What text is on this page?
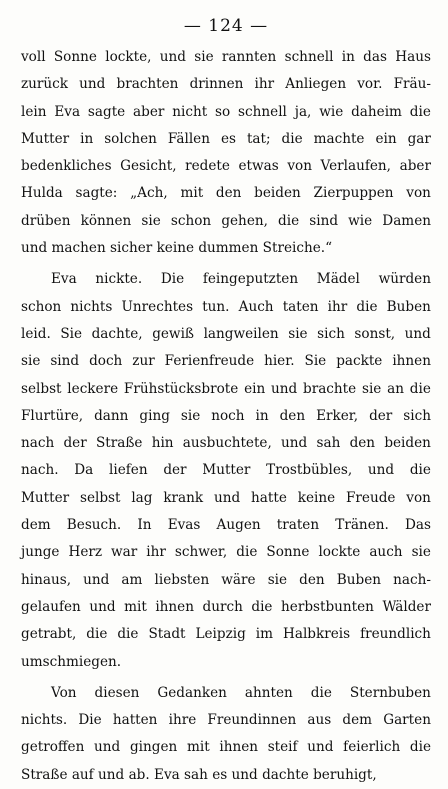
— 124 —
voll Sonne lockte, und sie rannten schnell in das Haus
zurück und brachten drinnen ihr Anliegen vor. Fräu-
lein Eva sagte aber nicht so schnell ja, wie daheim die
Mutter in solchen Fällen es tat; die machte ein gar
bedenkliches Gesicht, redete etwas von Verlaufen, aber
Hulda sagte: „Ach, mit den beiden Zierpuppen von
drüben können sie schon gehen, die sind wie Damen
und machen sicher keine dummen Streiche.“
Eva nickte. Die feingeputzten Mädel würden
schon nichts Unrechtes tun. Auch taten ihr die Buben
leid. Sie dachte, gewiß langweilen sie sich sonst, und
sie sind doch zur Ferienfreude hier. Sie packte ihnen
selbst leckere Frühstücksbrote ein und brachte sie an die
Flurtüre, dann ging sie noch in den Erker, der sich
nach der Straße hin ausbuchtete, und sah den beiden
nach. Da liefen der Mutter Trostbübles, und die
Mutter selbst lag krank und hatte keine Freude von
dem Besuch. In Evas Augen traten Tränen. Das
junge Herz war ihr schwer, die Sonne lockte auch sie
hinaus, und am liebsten wäre sie den Buben nach-
gelaufen und mit ihnen durch die herbstbunten Wälder
getrabt, die die Stadt Leipzig im Halbkreis freundlich
umschmiegen.
Von diesen Gedanken ahnten die Sternbuben
nichts. Die hatten ihre Freundinnen aus dem Garten
getroffen und gingen mit ihnen steif und feierlich die
Straße auf und ab. Eva sah es und dachte beruhigt,
